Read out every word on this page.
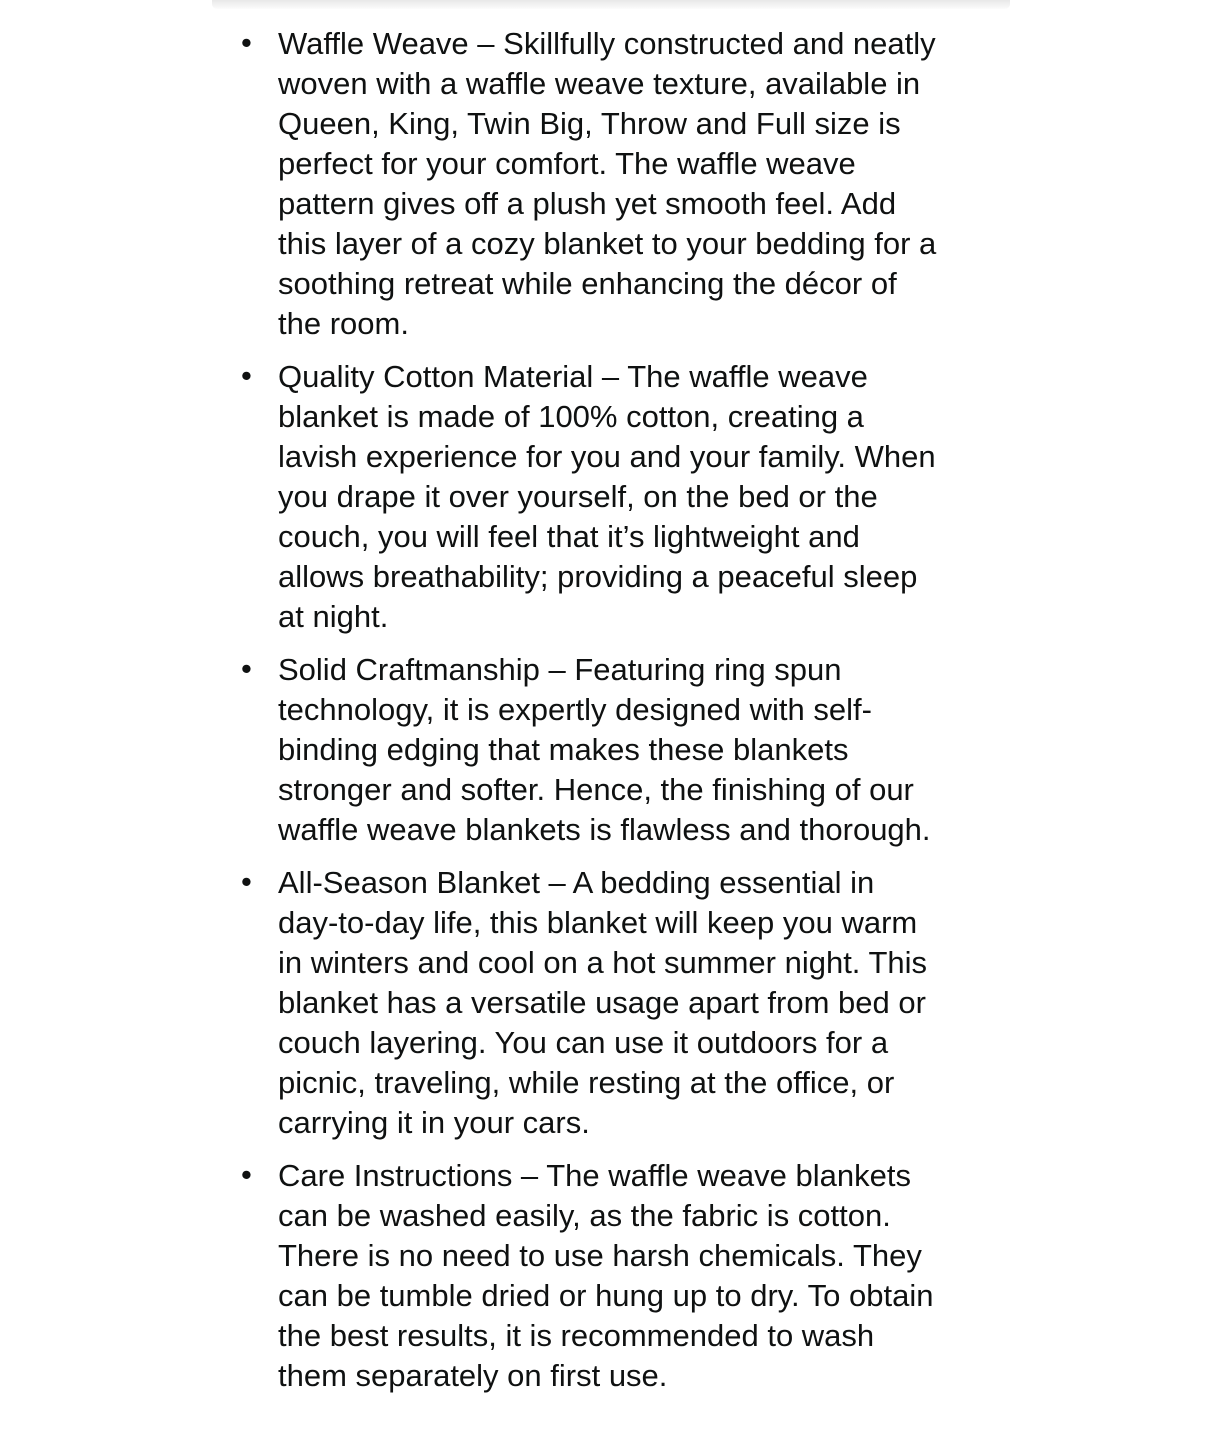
• Waffle Weave – Skillfully constructed and neatly woven with a waffle weave texture, available in Queen, King, Twin Big, Throw and Full size is perfect for your comfort. The waffle weave pattern gives off a plush yet smooth feel. Add this layer of a cozy blanket to your bedding for a soothing retreat while enhancing the décor of the room.
• Quality Cotton Material – The waffle weave blanket is made of 100% cotton, creating a lavish experience for you and your family. When you drape it over yourself, on the bed or the couch, you will feel that it’s lightweight and allows breathability; providing a peaceful sleep at night.
• Solid Craftmanship – Featuring ring spun technology, it is expertly designed with self-binding edging that makes these blankets stronger and softer. Hence, the finishing of our waffle weave blankets is flawless and thorough.
• All-Season Blanket – A bedding essential in day-to-day life, this blanket will keep you warm in winters and cool on a hot summer night. This blanket has a versatile usage apart from bed or couch layering. You can use it outdoors for a picnic, traveling, while resting at the office, or carrying it in your cars.
• Care Instructions – The waffle weave blankets can be washed easily, as the fabric is cotton. There is no need to use harsh chemicals. They can be tumble dried or hung up to dry. To obtain the best results, it is recommended to wash them separately on first use.
